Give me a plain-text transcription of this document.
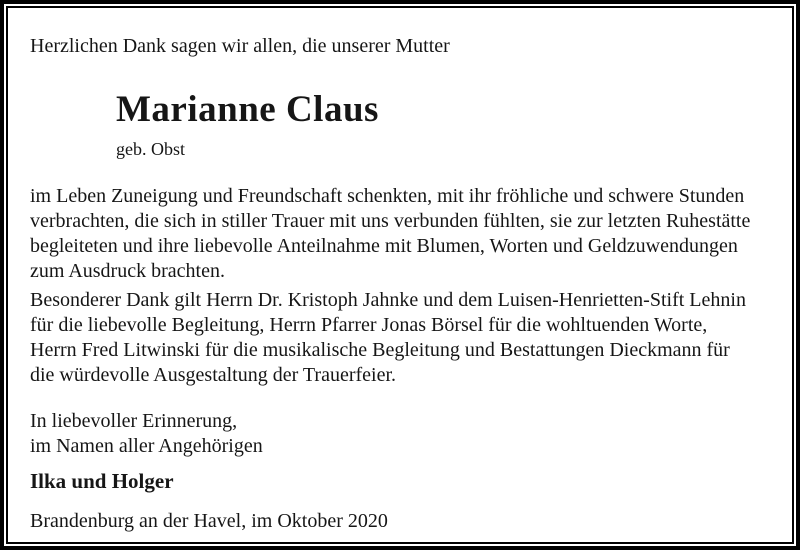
Herzlichen Dank sagen wir allen, die unserer Mutter

Marianne Claus

geb. Obst

im Leben Zuneigung und Freundschaft schenkten, mit ihr fröhliche und schwere Stunden
verbrachten, die sich in stiller Trauer mit uns verbunden fühlten, sie zur letzten Ruhestätte
begleiteten und ihre liebevolle Anteilnahme mit Blumen, Worten und Geldzuwendungen
zum Ausdruck brachten.

Besonderer Dank gilt Herrn Dr. Kristoph Jahnke und dem Luisen-Henrietten-Stift Lehnin
für die liebevolle Begleitung, Herrn Pfarrer Jonas Börsel für die wohltuenden Worte,
Herrn Fred Litwinski für die musikalische Begleitung und Bestattungen Dieckmann für
die würdevolle Ausgestaltung der Trauerfeier.

In liebevoller Erinnerung,
im Namen aller Angehörigen

Ilka und Holger

Brandenburg an der Havel, im Oktober 2020
